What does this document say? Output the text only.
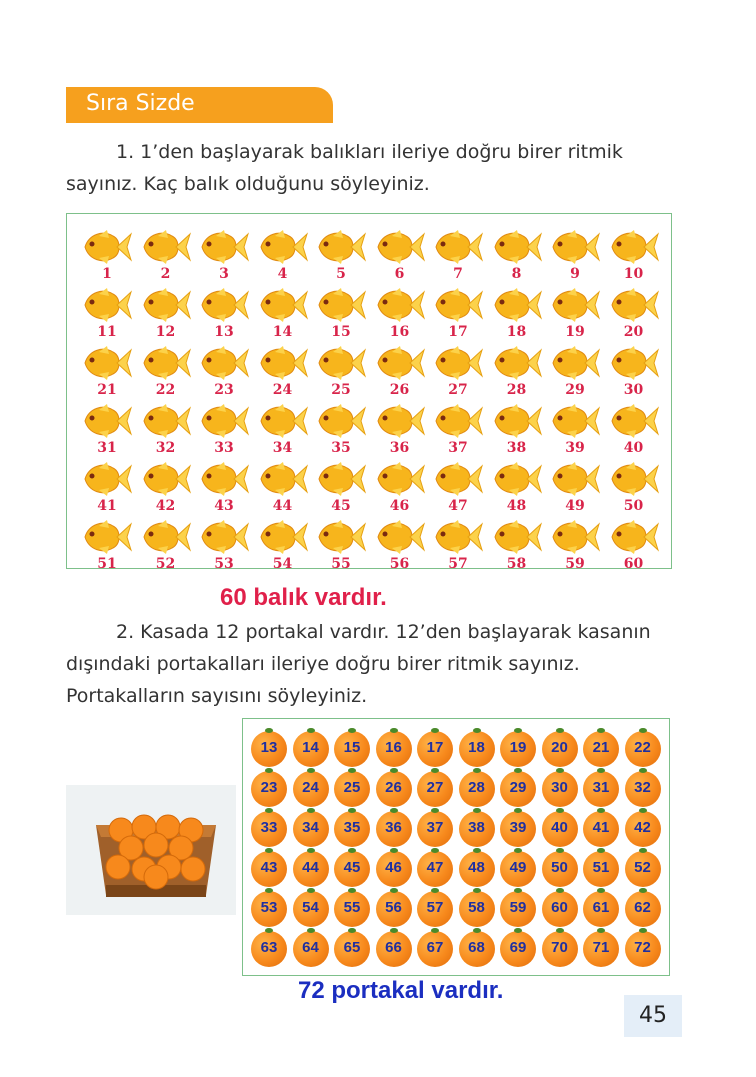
Sıra Sizde
1. 1’den başlayarak balıkları ileriye doğru birer ritmik
sayınız. Kaç balık olduğunu söyleyiniz.
1	2	3	4	5	6	7	8	9	10
11	12	13	14	15	16	17	18	19	20
21	22	23	24	25	26	27	28	29	30
31	32	33	34	35	36	37	38	39	40
41	42	43	44	45	46	47	48	49	50
51	52	53	54	55	56	57	58	59	60
60 balık vardır.
2. Kasada 12 portakal vardır. 12’den başlayarak kasanın
dışındaki portakalları ileriye doğru birer ritmik sayınız.
Portakalların sayısını söyleyiniz.
13	14	15	16	17	18	19	20	21	22
23	24	25	26	27	28	29	30	31	32
33	34	35	36	37	38	39	40	41	42
43	44	45	46	47	48	49	50	51	52
53	54	55	56	57	58	59	60	61	62
63	64	65	66	67	68	69	70	71	72
72 portakal vardır.
45
